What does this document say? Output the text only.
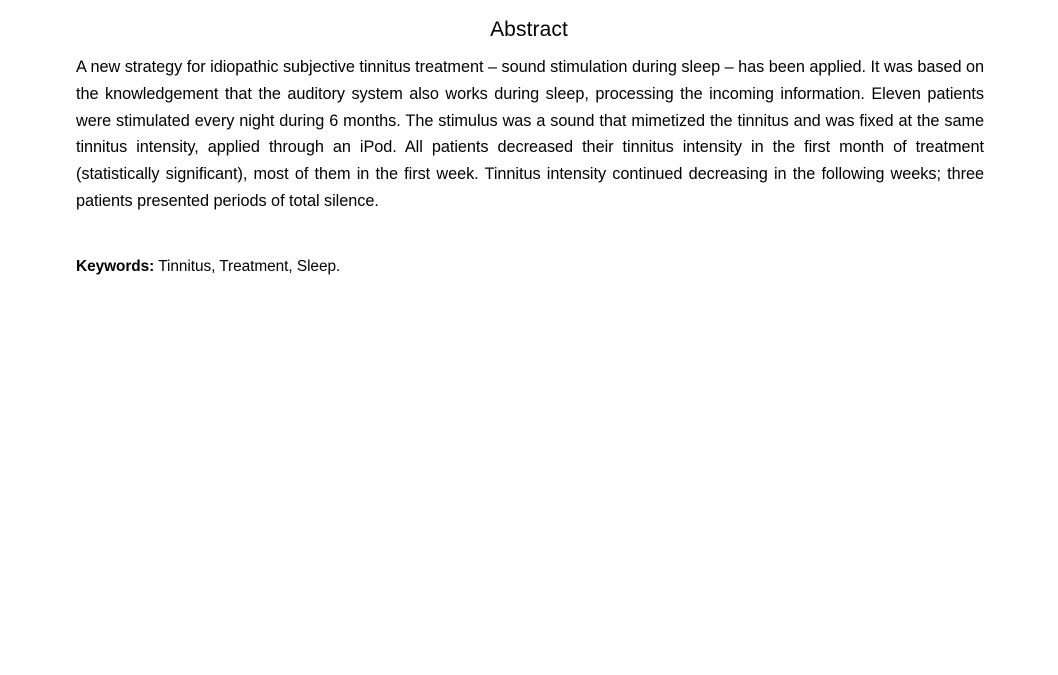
Abstract

A new strategy for idiopathic subjective tinnitus treatment – sound stimulation during sleep – has been applied. It was based on the knowledgement that the auditory system also works during sleep, processing the incoming information. Eleven patients were stimulated every night during 6 months. The stimulus was a sound that mimetized the tinnitus and was fixed at the same tinnitus intensity, applied through an iPod. All patients decreased their tinnitus intensity in the first month of treatment (statistically significant), most of them in the first week. Tinnitus intensity continued decreasing in the following weeks; three patients presented periods of total silence.

Keywords: Tinnitus, Treatment, Sleep.
